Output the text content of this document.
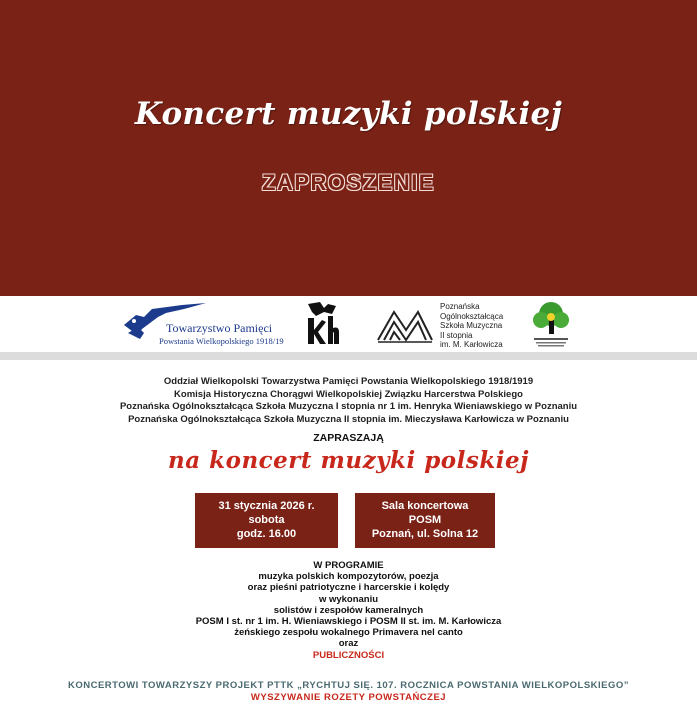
Koncert muzyki polskiej
ZAPROSZENIE
Towarzystwo Pamięci
Powstania Wielkopolskiego 1918/19
Poznańska
Ogólnokształcąca
Szkoła Muzyczna
II stopnia
im. M. Karłowicza
Oddział Wielkopolski Towarzystwa Pamięci Powstania Wielkopolskiego 1918/1919
Komisja Historyczna Chorągwi Wielkopolskiej Związku Harcerstwa Polskiego
Poznańska Ogólnokształcąca Szkoła Muzyczna I stopnia nr 1 im. Henryka Wieniawskiego w Poznaniu
Poznańska Ogólnokształcąca Szkoła Muzyczna II stopnia im. Mieczysława Karłowicza w Poznaniu
ZAPRASZAJĄ
na koncert muzyki polskiej
31 stycznia 2026 r.
sobota
godz. 16.00
Sala koncertowa
POSM
Poznań, ul. Solna 12
W PROGRAMIE
muzyka polskich kompozytorów, poezja
oraz pieśni patriotyczne i harcerskie i kolędy
w wykonaniu
solistów i zespołów kameralnych
POSM I st. nr 1 im. H. Wieniawskiego i POSM II st. im. M. Karłowicza
żeńskiego zespołu wokalnego Primavera nel canto
oraz
PUBLICZNOŚCI
KONCERTOWI TOWARZYSZY PROJEKT PTTK „RYCHTUJ SIĘ. 107. ROCZNICA POWSTANIA WIELKOPOLSKIEGO”
WYSZYWANIE ROZETY POWSTAŃCZEJ
